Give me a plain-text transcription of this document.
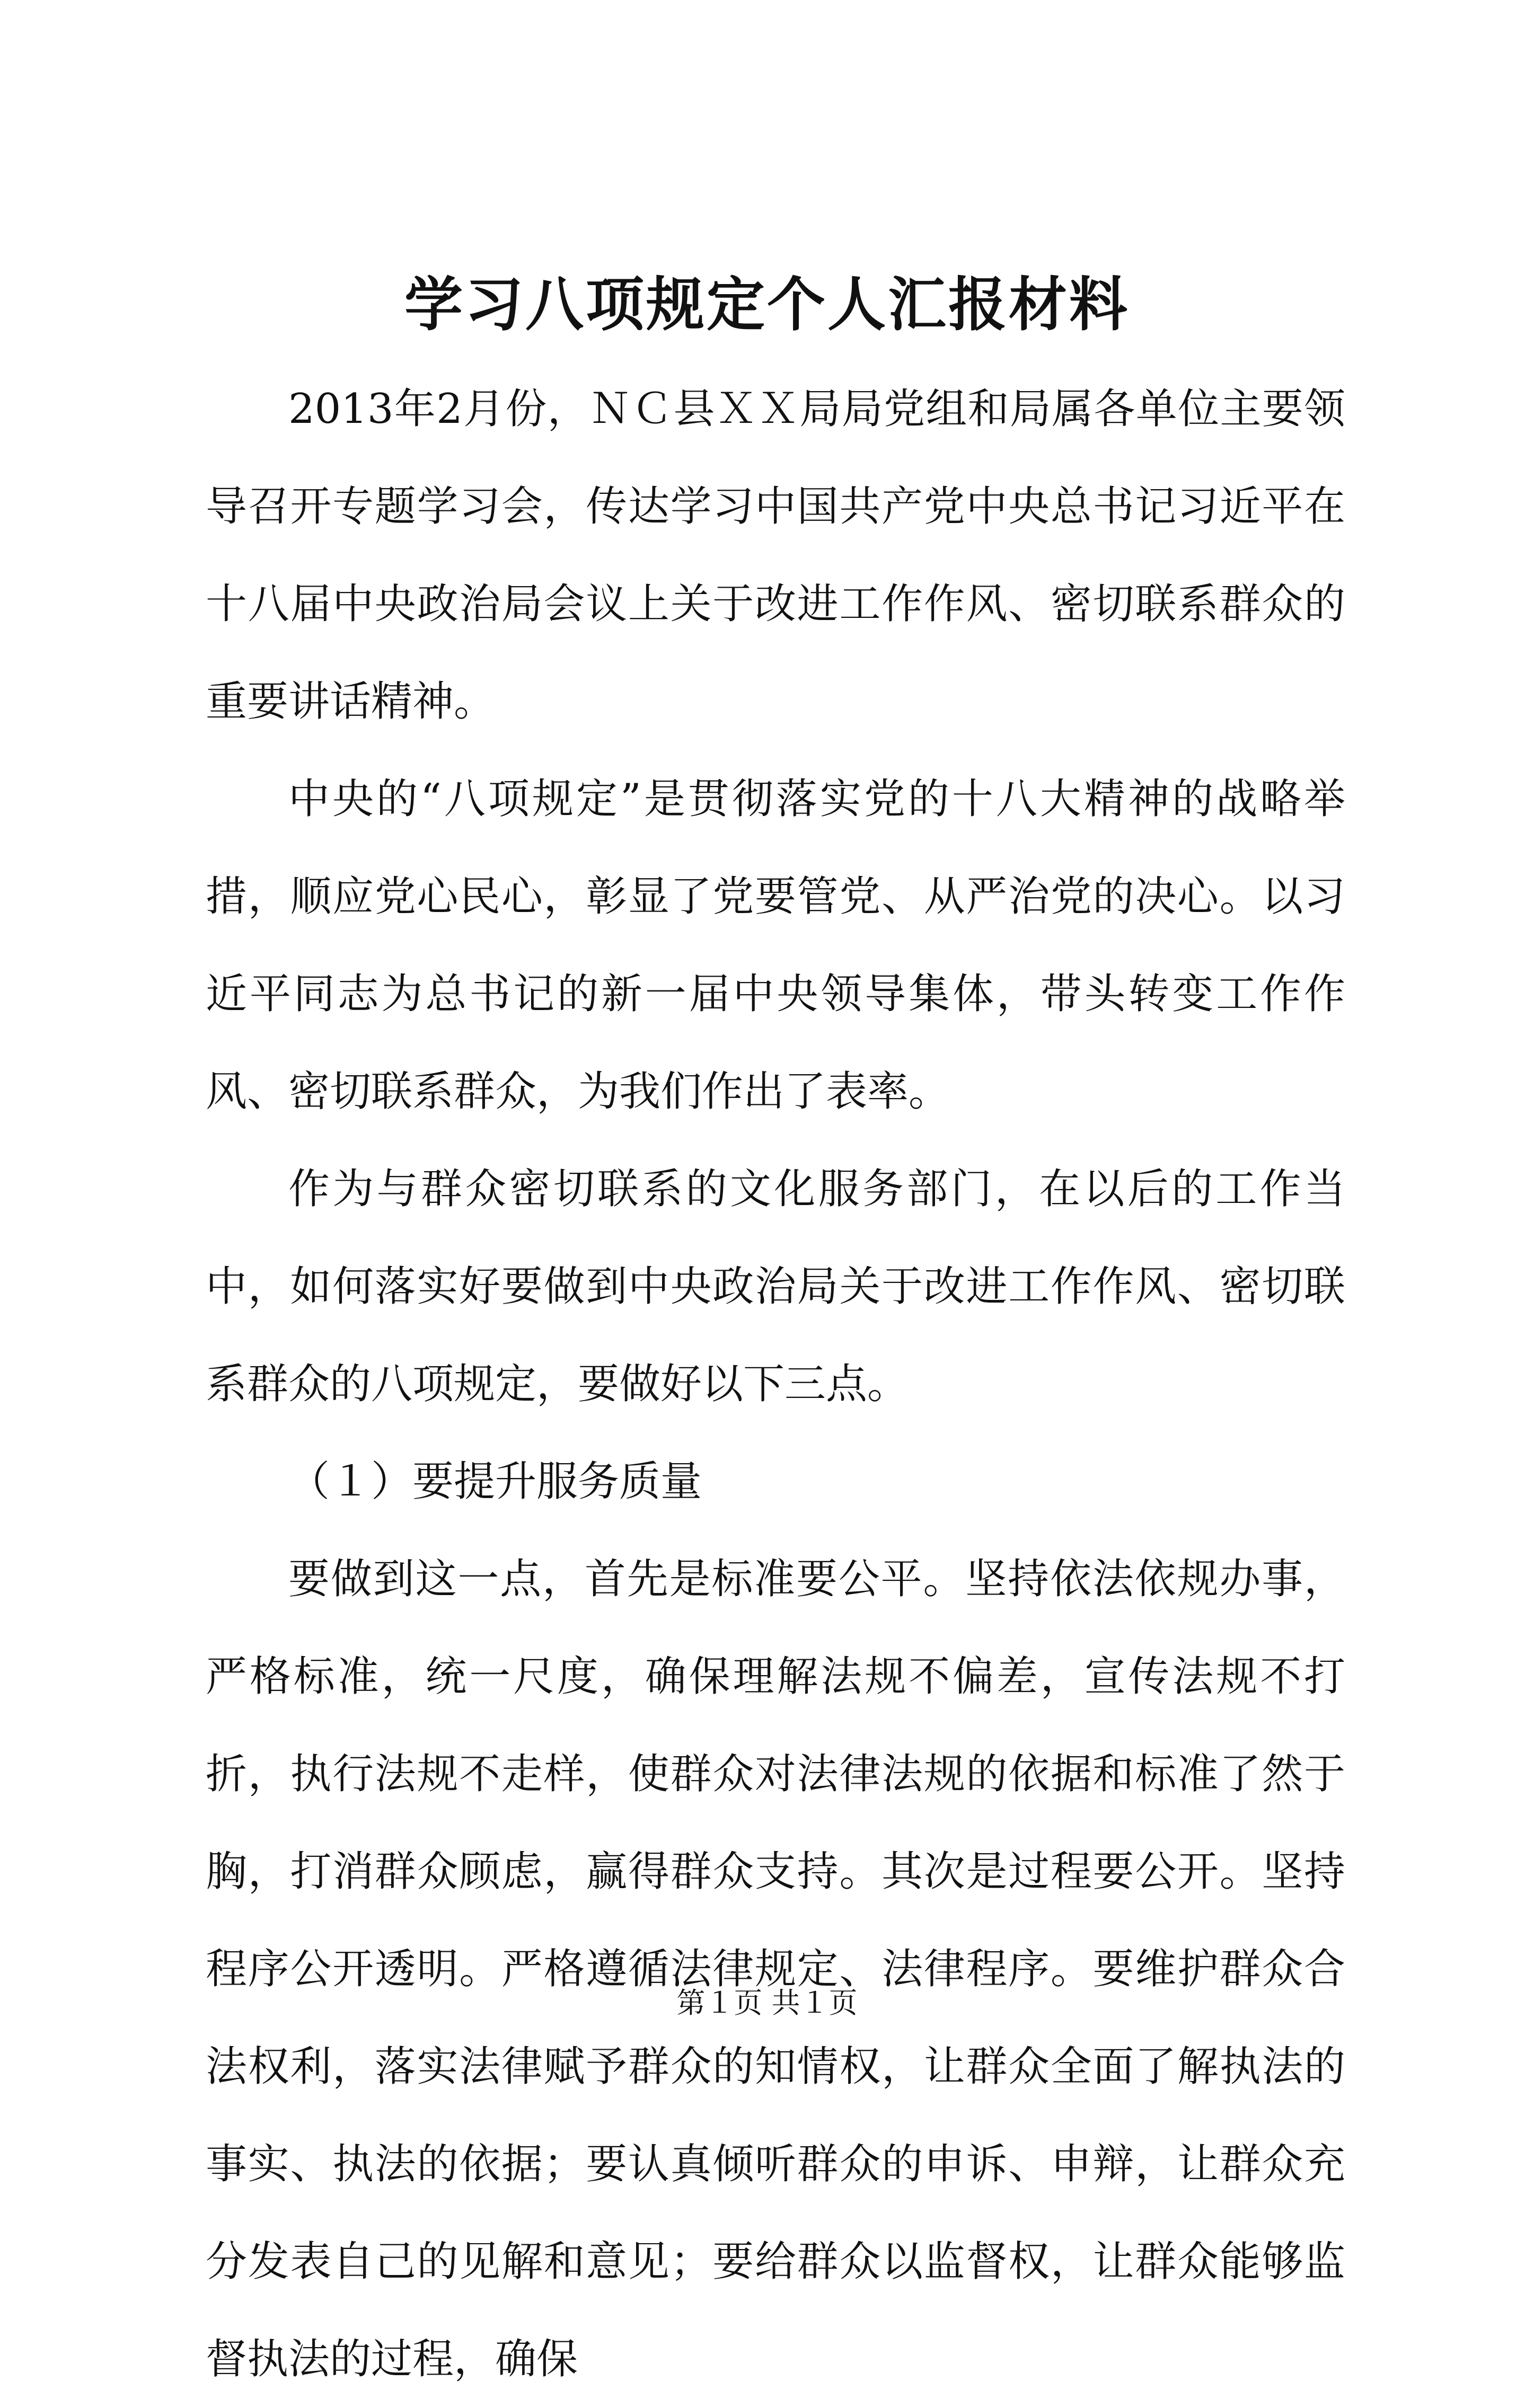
学习八项规定个人汇报材料

2013年2月份，ＮＣ县ＸＸ局局党组和局属各单位主要领导召开专题学习会，传达学习中国共产党中央总书记习近平在十八届中央政治局会议上关于改进工作作风、密切联系群众的重要讲话精神。

中央的“八项规定”是贯彻落实党的十八大精神的战略举措，顺应党心民心，彰显了党要管党、从严治党的决心。以习近平同志为总书记的新一届中央领导集体，带头转变工作作风、密切联系群众，为我们作出了表率。

作为与群众密切联系的文化服务部门，在以后的工作当中，如何落实好要做到中央政治局关于改进工作作风、密切联系群众的八项规定，要做好以下三点。

（１）要提升服务质量

要做到这一点，首先是标准要公平。坚持依法依规办事，严格标准，统一尺度，确保理解法规不偏差，宣传法规不打折，执行法规不走样，使群众对法律法规的依据和标准了然于胸，打消群众顾虑，赢得群众支持。其次是过程要公开。坚持程序公开透明。严格遵循法律规定、法律程序。要维护群众合法权利，落实法律赋予群众的知情权，让群众全面了解执法的事实、执法的依据；要认真倾听群众的申诉、申辩，让群众充分发表自己的见解和意见；要给群众以监督权，让群众能够监督执法的过程，确保

第１页 共１页
